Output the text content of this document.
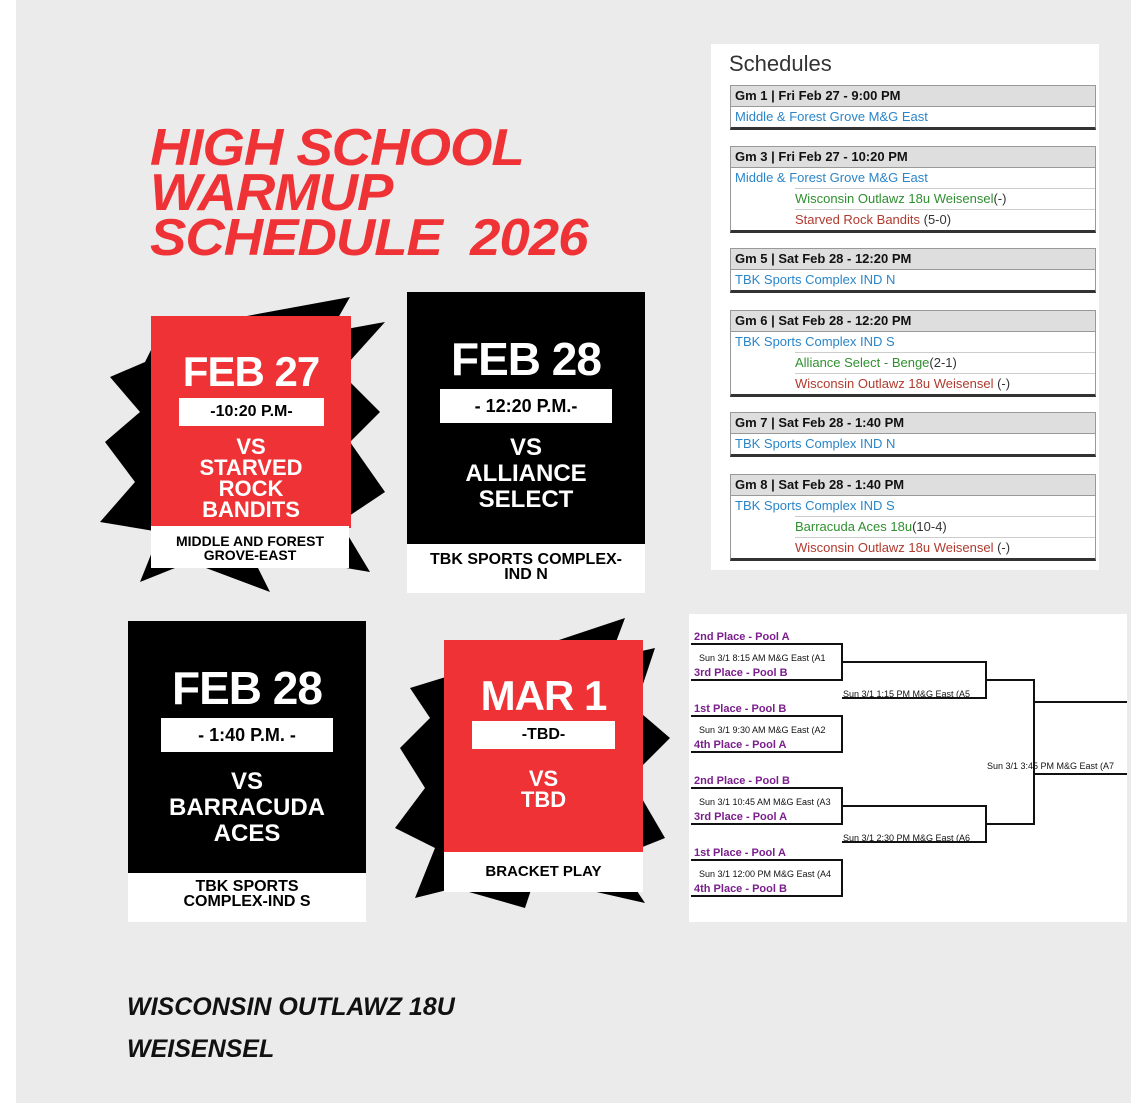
HIGH SCHOOL
WARMUP
SCHEDULE  2026
FEB 27
-10:20 P.M-
VS
STARVED
ROCK
BANDITS
MIDDLE AND FOREST
GROVE-EAST
FEB 28
- 12:20 P.M.-
VS
ALLIANCE
SELECT
TBK SPORTS COMPLEX-
IND N
FEB 28
- 1:40 P.M. -
VS
BARRACUDA
ACES
TBK SPORTS
COMPLEX-IND S
MAR 1
-TBD-
VS
TBD
BRACKET PLAY

WISCONSIN OUTLAWZ 18U
WEISENSEL

Schedules
Gm 1 | Fri Feb 27 - 9:00 PM
Middle & Forest Grove M&G East
Gm 3 | Fri Feb 27 - 10:20 PM
Middle & Forest Grove M&G East
Wisconsin Outlawz 18u Weisensel(-)
Starved Rock Bandits (5-0)
Gm 5 | Sat Feb 28 - 12:20 PM
TBK Sports Complex IND N
Gm 6 | Sat Feb 28 - 12:20 PM
TBK Sports Complex IND S
Alliance Select - Benge(2-1)
Wisconsin Outlawz 18u Weisensel (-)
Gm 7 | Sat Feb 28 - 1:40 PM
TBK Sports Complex IND N
Gm 8 | Sat Feb 28 - 1:40 PM
TBK Sports Complex IND S
Barracuda Aces 18u(10-4)
Wisconsin Outlawz 18u Weisensel (-)
2nd Place - Pool A
Sun 3/1 8:15 AM M&G East (A1
3rd Place - Pool B
1st Place - Pool B
Sun 3/1 9:30 AM M&G East (A2
4th Place - Pool A
2nd Place - Pool B
Sun 3/1 10:45 AM M&G East (A3
3rd Place - Pool A
1st Place - Pool A
Sun 3/1 12:00 PM M&G East (A4
4th Place - Pool B
Sun 3/1 1:15 PM M&G East (A5
Sun 3/1 2:30 PM M&G East (A6
Sun 3/1 3:45 PM M&G East (A7
